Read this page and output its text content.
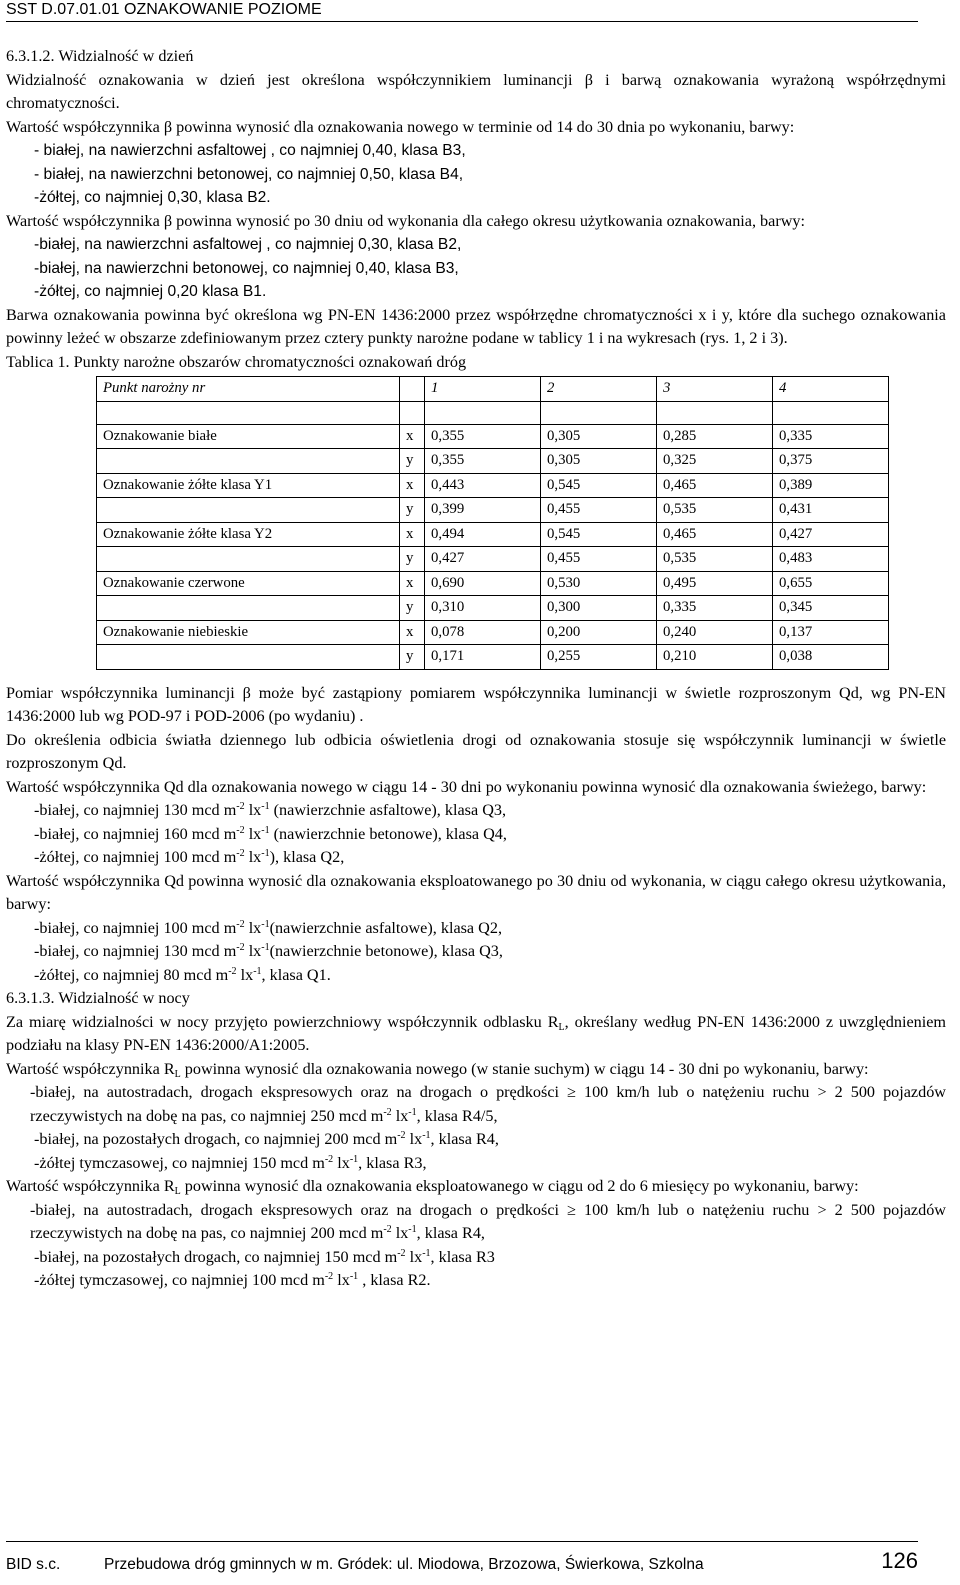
SST D.07.01.01 OZNAKOWANIE POZIOME

6.3.1.2. Widzialność w dzień

Widzialność oznakowania w dzień jest określona współczynnikiem luminancji β i barwą oznakowania wyrażoną współrzędnymi chromatyczności.

Wartość współczynnika β powinna wynosić dla oznakowania nowego w terminie od 14 do 30 dnia po wykonaniu, barwy:

- białej, na nawierzchni asfaltowej , co najmniej 0,40, klasa B3,

- białej, na nawierzchni betonowej, co najmniej 0,50, klasa B4,

-żółtej, co najmniej 0,30, klasa B2.

Wartość współczynnika β powinna wynosić po 30 dniu od wykonania dla całego okresu użytkowania oznakowania, barwy:

-białej, na nawierzchni asfaltowej , co najmniej 0,30, klasa B2,

-białej, na nawierzchni betonowej, co najmniej 0,40, klasa B3,

-żółtej, co najmniej 0,20 klasa B1.

Barwa oznakowania powinna być określona wg PN-EN 1436:2000 przez współrzędne chromatyczności x i y, które dla suchego oznakowania powinny leżeć w obszarze zdefiniowanym przez cztery punkty narożne podane w tablicy 1 i na wykresach (rys. 1, 2 i 3).

Tablica 1. Punkty narożne obszarów chromatyczności oznakowań dróg

Punkt narożny nr		1	2	3	4

Oznakowanie białe	x	0,355	0,305	0,285	0,335
	y	0,355	0,305	0,325	0,375
Oznakowanie żółte klasa Y1	x	0,443	0,545	0,465	0,389
	y	0,399	0,455	0,535	0,431
Oznakowanie żółte klasa Y2	x	0,494	0,545	0,465	0,427
	y	0,427	0,455	0,535	0,483
Oznakowanie czerwone	x	0,690	0,530	0,495	0,655
	y	0,310	0,300	0,335	0,345
Oznakowanie niebieskie	x	0,078	0,200	0,240	0,137
	y	0,171	0,255	0,210	0,038

Pomiar współczynnika luminancji β może być zastąpiony pomiarem współczynnika luminancji w świetle rozproszonym Qd, wg PN-EN 1436:2000 lub wg POD-97 i POD-2006 (po wydaniu) .

Do określenia odbicia światła dziennego lub odbicia oświetlenia drogi od oznakowania stosuje się współczynnik luminancji w świetle rozproszonym Qd.

Wartość współczynnika Qd dla oznakowania nowego w ciągu 14 - 30 dni po wykonaniu powinna wynosić dla oznakowania świeżego, barwy:

-białej, co najmniej 130 mcd $m^{-2}$ $lx^{-1}$ (nawierzchnie asfaltowe), klasa Q3,

-białej, co najmniej 160 mcd $m^{-2}$ $lx^{-1}$ (nawierzchnie betonowe), klasa Q4,

-żółtej, co najmniej 100 mcd $m^{-2}$ $lx^{-1}$), klasa Q2,

Wartość współczynnika Qd powinna wynosić dla oznakowania eksploatowanego po 30 dniu od wykonania, w ciągu całego okresu użytkowania, barwy:

-białej, co najmniej 100 mcd $m^{-2}$ $lx^{-1}(nawierzchnie$ asfaltowe), klasa Q2,

-białej, co najmniej 130 mcd $m^{-2}$ $lx^{-1}(nawierzchnie$ betonowe), klasa Q3,

-żółtej, co najmniej 80 mcd $m^{-2}$ $lx^{-1}$, klasa Q1.

6.3.1.3. Widzialność w nocy

Za miarę widzialności w nocy przyjęto powierzchniowy współczynnik odblasku $R_L$, określany według PN-EN 1436:2000 z uwzględnieniem podziału na klasy PN-EN 1436:2000/A1:2005.

Wartość współczynnika $R_L$ powinna wynosić dla oznakowania nowego (w stanie suchym) w ciągu 14 - 30 dni po wykonaniu, barwy:

-białej, na autostradach, drogach ekspresowych oraz na drogach o prędkości ≥ 100 km/h lub o natężeniu ruchu > 2 500 pojazdów rzeczywistych na dobę na pas, co najmniej 250 mcd $m^{-2}$ $lx^{-1}$, klasa R4/5,

-białej, na pozostałych drogach, co najmniej 200 mcd $m^{-2}$ $lx^{-1}$, klasa R4,

-żółtej tymczasowej, co najmniej 150 mcd $m^{-2}$ $lx^{-1}$, klasa R3,

Wartość współczynnika $R_L$ powinna wynosić dla oznakowania eksploatowanego w ciągu od 2 do 6 miesięcy po wykonaniu, barwy:

-białej, na autostradach, drogach ekspresowych oraz na drogach o prędkości ≥ 100 km/h lub o natężeniu ruchu > 2 500 pojazdów rzeczywistych na dobę na pas, co najmniej 200 mcd $m^{-2}$ $lx^{-1}$, klasa R4,

-białej, na pozostałych drogach, co najmniej 150 mcd $m^{-2}$ $lx^{-1}$, klasa R3

-żółtej tymczasowej, co najmniej 100 mcd $m^{-2}$ $lx^{-1}$ , klasa R2.

BID s.c.	Przebudowa dróg gminnych w m. Gródek: ul. Miodowa, Brzozowa, Świerkowa, Szkolna	126
